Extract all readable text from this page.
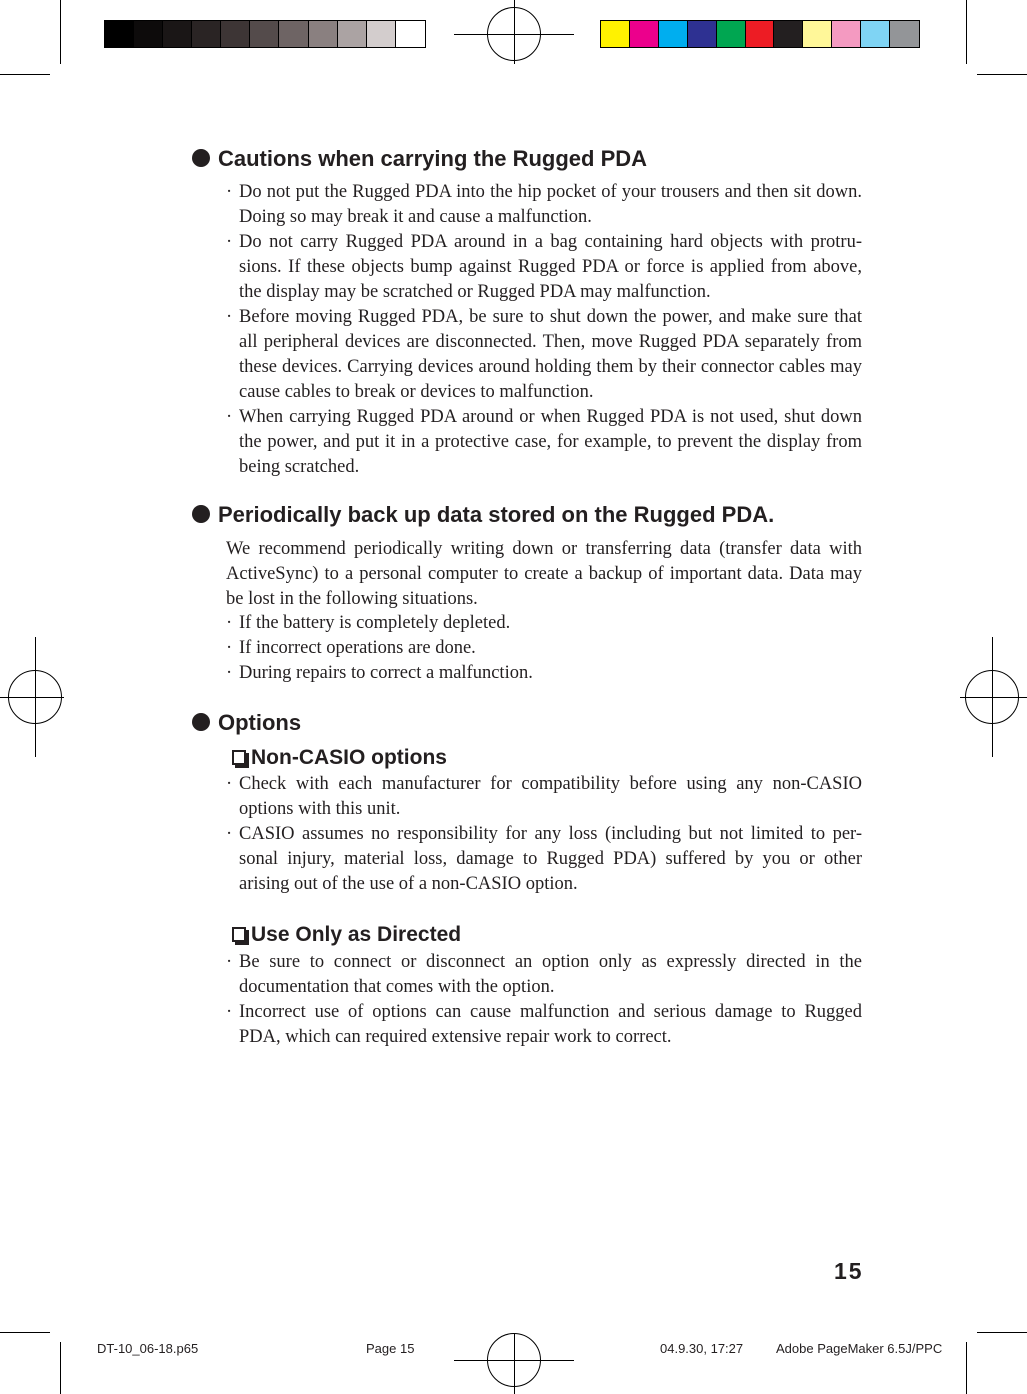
Cautions when carrying the Rugged PDA
· Do not put the Rugged PDA into the hip pocket of your trousers and then sit down. Doing so may break it and cause a malfunction.
· Do not carry Rugged PDA around in a bag containing hard objects with protru-sions. If these objects bump against Rugged PDA or force is applied from above, the display may be scratched or Rugged PDA may malfunction.
· Before moving Rugged PDA, be sure to shut down the power, and make sure that all peripheral devices are disconnected. Then, move Rugged PDA separately from these devices. Carrying devices around holding them by their connector cables may cause cables to break or devices to malfunction.
· When carrying Rugged PDA around or when Rugged PDA is not used, shut down the power, and put it in a protective case, for example, to prevent the display from being scratched.
Periodically back up data stored on the Rugged PDA.
We recommend periodically writing down or transferring data (transfer data with ActiveSync) to a personal computer to create a backup of important data. Data may be lost in the following situations.
· If the battery is completely depleted.
· If incorrect operations are done.
· During repairs to correct a malfunction.
Options
Non-CASIO options
· Check with each manufacturer for compatibility before using any non-CASIO options with this unit.
· CASIO assumes no responsibility for any loss (including but not limited to per-sonal injury, material loss, damage to Rugged PDA) suffered by you or other arising out of the use of a non-CASIO option.
Use Only as Directed
· Be sure to connect or disconnect an option only as expressly directed in the documentation that comes with the option.
· Incorrect use of options can cause malfunction and serious damage to Rugged PDA, which can required extensive repair work to correct.
15
DT-10_06-18.p65	Page 15	04.9.30, 17:27	Adobe PageMaker 6.5J/PPC
